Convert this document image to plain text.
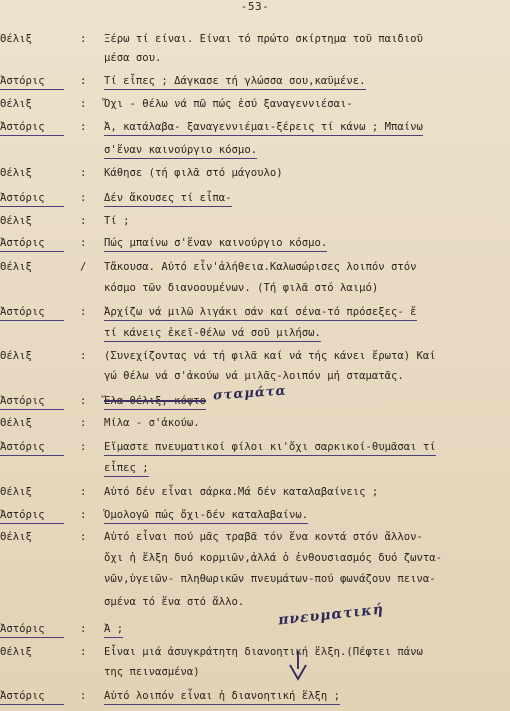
-53-
Θέλιξ	: Ξέρω τί είναι. Είναι τό πρώτο σκίρτημα τοῦ παιδιοῦ
μέσα σου.
Ἀστόρις	: Τί εἶπες ; Δάγκασε τή γλώσσα σου,καϋμένε.
Θέλιξ	: Ὄχι - θέλω νά πῶ πώς ἐσύ ξαναγεννιέσαι-
Ἀστόρις	: Ἀ, κατάλαβα- ξαναγεννιέμαι-ξέρεις τί κάνω ; Μπαίνω
σ'ἕναν καινούργιο κόσμο.
Θέλιξ	: Κάθησε (τή φιλᾶ στό μάγουλο)
Ἀστόρις	: Δέν ἄκουσες τί εἶπα-
Θέλιξ	: Τί ;
Ἀστόρις	: Πώς μπαίνω σ'ἕναν καινούργιο κόσμο.
Θέλιξ	/ Τἄκουσα. Αὐτό εἶν'ἀλήθεια.Καλωσώρισες λοιπόν στόν
κόσμο τῶν διανοουμένων. (Τή φιλᾶ στό λαιμό)
Ἀστόρις	: Ἀρχίζω νά μιλῶ λιγάκι σάν καί σένα-τό πρόσεξες- ἔ
τί κάνεις ἐκεῖ-θέλω νά σοῦ μιλήσω.
Θέλιξ	: (Συνεχίζοντας νά τή φιλᾶ καί νά τής κάνει ἔρωτα) Καί
γώ θέλω νά σ'ἀκούω νά μιλᾶς-λοιπόν μή σταματᾶς.
Ἀστόρις	: Ἔλα Θέλιξ, κόψτο
Θέλιξ	: Μίλα - σ'ἀκούω.
Ἀστόρις	: Εἴμαστε πνευματικοί φίλοι κι'ὄχι σαρκικοί-θυμᾶσαι τί
εἶπες ;
Θέλιξ	: Αὐτό δέν εἶναι σάρκα.Μά δέν καταλαβαίνεις ;
Ἀστόρις	: Ὁμολογῶ πώς ὄχι-δέν καταλαβαίνω.
Θέλιξ	: Αὐτό εἶναι πού μᾶς τραβᾶ τόν ἕνα κοντά στόν ἄλλον-
ὄχι ἡ ἕλξη δυό κορμιῶν,ἀλλά ὁ ἐνθουσιασμός δυό ζωντα-
νῶν,ὑγειῶν- πληθωρικῶν πνευμάτων-πού φωνάζουν πεινα-
σμένα τό ἕνα στό ἄλλο.
Ἀστόρις	: Ἀ ;
Θέλιξ	: Εἶναι μιά ἀσυγκράτητη διανοητική ἕλξη.(Πέφτει πάνω
της πεινασμένα)
Ἀστόρις	: Αὐτό λοιπόν εἶναι ἡ διανοητική ἕλξη ;
σταμάτα
πνευματική
